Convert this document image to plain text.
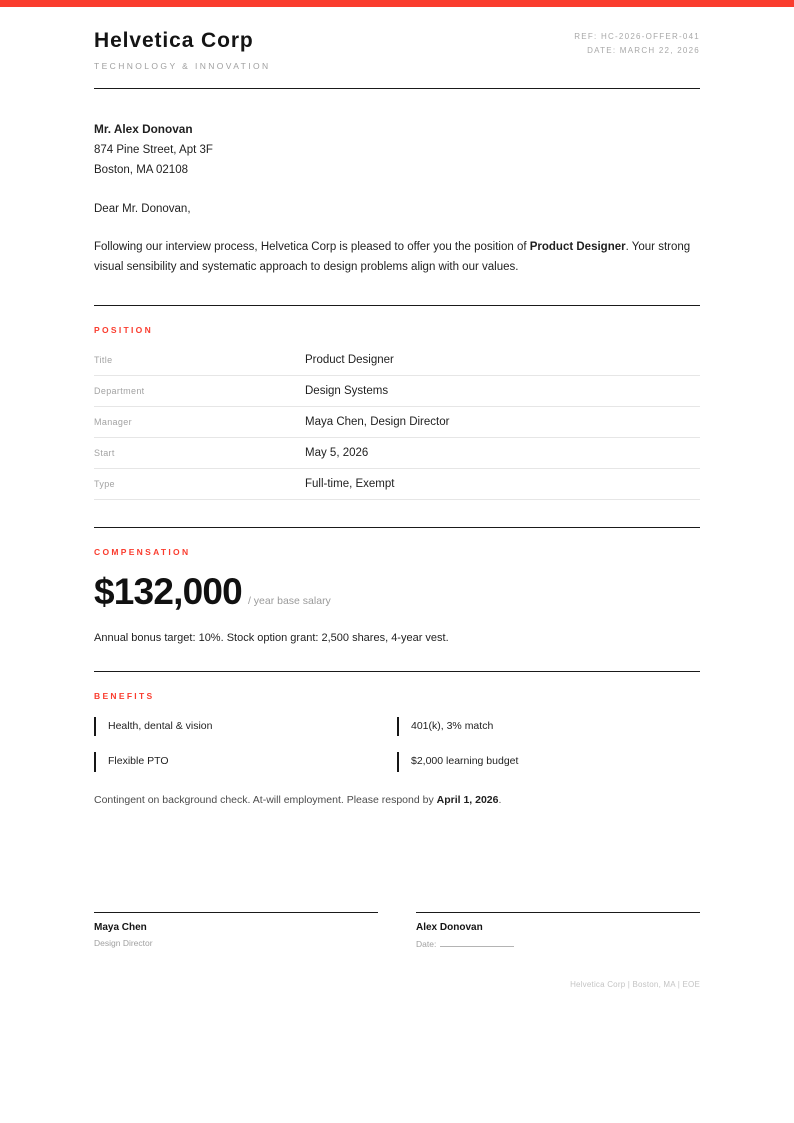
Helvetica Corp
TECHNOLOGY & INNOVATION
REF: HC-2026-OFFER-041
DATE: MARCH 22, 2026
Mr. Alex Donovan
874 Pine Street, Apt 3F
Boston, MA 02108
Dear Mr. Donovan,

Following our interview process, Helvetica Corp is pleased to offer you the position of Product Designer. Your strong visual sensibility and systematic approach to design problems align with our values.

POSITION
Title	Product Designer
Department	Design Systems
Manager	Maya Chen, Design Director
Start	May 5, 2026
Type	Full-time, Exempt
COMPENSATION
$132,000 / year base salary
Annual bonus target: 10%. Stock option grant: 2,500 shares, 4-year vest.
BENEFITS
Health, dental & vision	401(k), 3% match
Flexible PTO	$2,000 learning budget

Contingent on background check. At-will employment. Please respond by April 1, 2026.

Maya Chen
Design Director
Alex Donovan
Date:
Helvetica Corp | Boston, MA | EOE
